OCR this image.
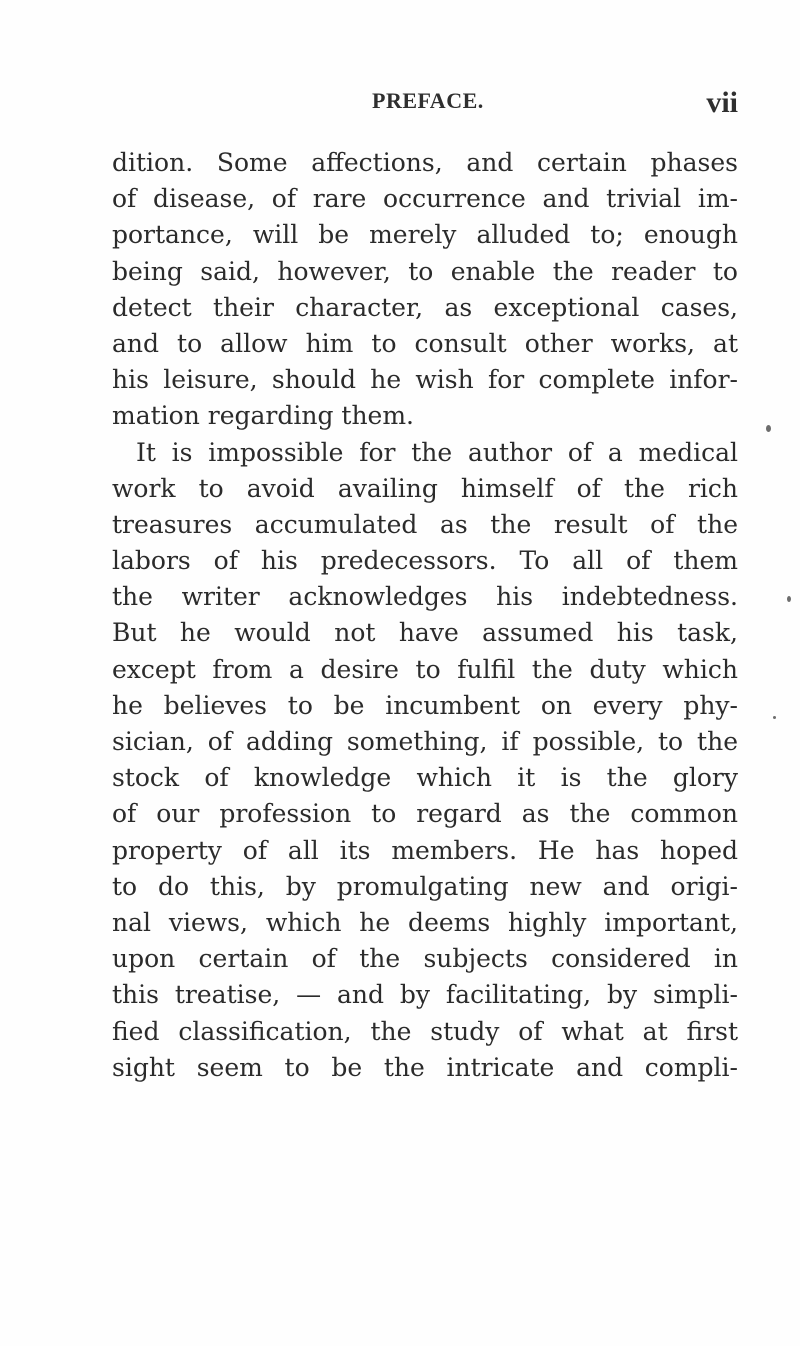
PREFACE.	vii
dition. Some affections, and certain phases
of disease, of rare occurrence and trivial im-
portance, will be merely alluded to; enough
being said, however, to enable the reader to
detect their character, as exceptional cases,
and to allow him to consult other works, at
his leisure, should he wish for complete infor-
mation regarding them.
It is impossible for the author of a medical
work to avoid availing himself of the rich
treasures accumulated as the result of the
labors of his predecessors. To all of them
the writer acknowledges his indebtedness.
But he would not have assumed his task,
except from a desire to fulfil the duty which
he believes to be incumbent on every phy-
sician, of adding something, if possible, to the
stock of knowledge which it is the glory
of our profession to regard as the common
property of all its members. He has hoped
to do this, by promulgating new and origi-
nal views, which he deems highly important,
upon certain of the subjects considered in
this treatise, — and by facilitating, by simpli-
fied classification, the study of what at first
sight seem to be the intricate and compli-
